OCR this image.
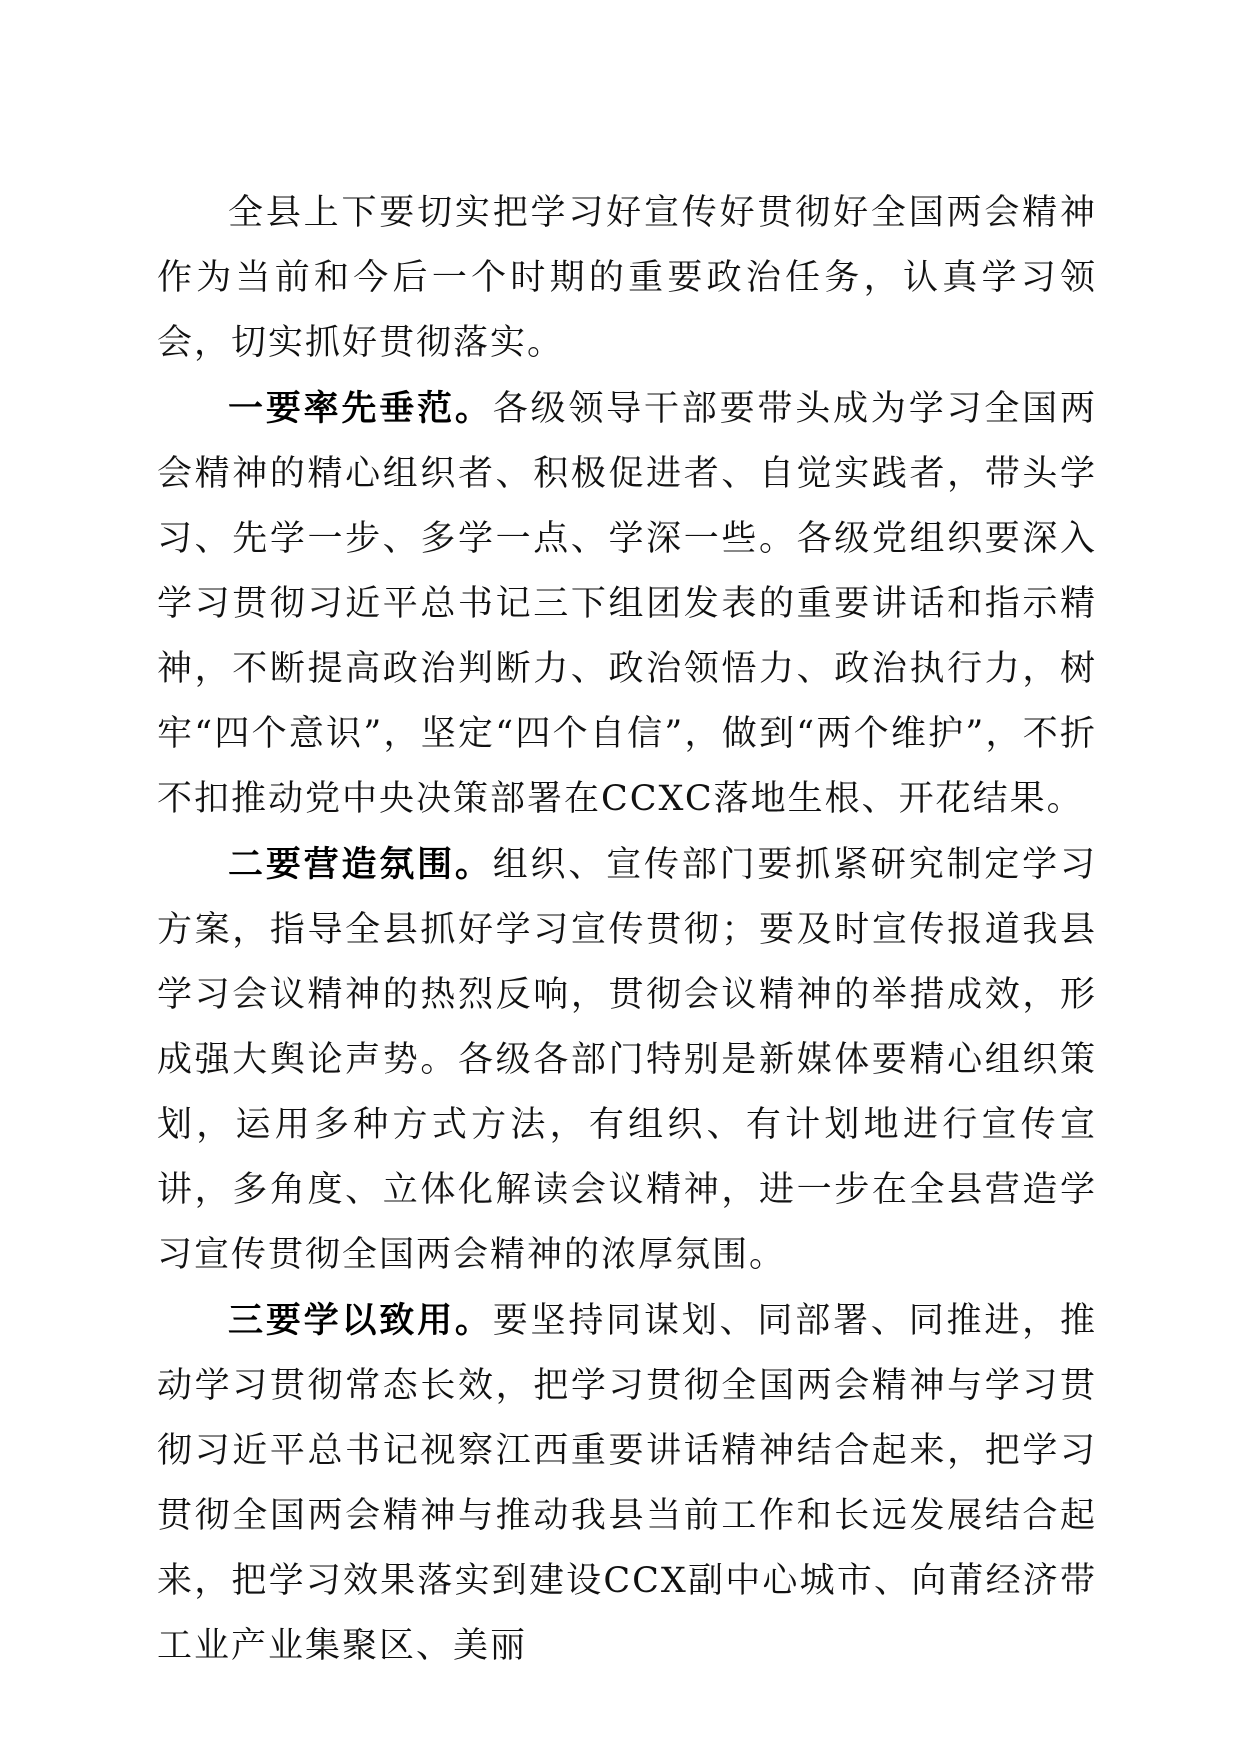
全县上下要切实把学习好宣传好贯彻好全国两会精神作为当前和今后一个时期的重要政治任务，认真学习领会，切实抓好贯彻落实。

一要率先垂范。各级领导干部要带头成为学习全国两会精神的精心组织者、积极促进者、自觉实践者，带头学习、先学一步、多学一点、学深一些。各级党组织要深入学习贯彻习近平总书记三下组团发表的重要讲话和指示精神，不断提高政治判断力、政治领悟力、政治执行力，树牢“四个意识”，坚定“四个自信”，做到“两个维护”，不折不扣推动党中央决策部署在CCXC落地生根、开花结果。

二要营造氛围。组织、宣传部门要抓紧研究制定学习方案，指导全县抓好学习宣传贯彻；要及时宣传报道我县学习会议精神的热烈反响，贯彻会议精神的举措成效，形成强大舆论声势。各级各部门特别是新媒体要精心组织策划，运用多种方式方法，有组织、有计划地进行宣传宣讲，多角度、立体化解读会议精神，进一步在全县营造学习宣传贯彻全国两会精神的浓厚氛围。

三要学以致用。要坚持同谋划、同部署、同推进，推动学习贯彻常态长效，把学习贯彻全国两会精神与学习贯彻习近平总书记视察江西重要讲话精神结合起来，把学习贯彻全国两会精神与推动我县当前工作和长远发展结合起来，把学习效果落实到建设CCX副中心城市、向莆经济带工业产业集聚区、美丽
